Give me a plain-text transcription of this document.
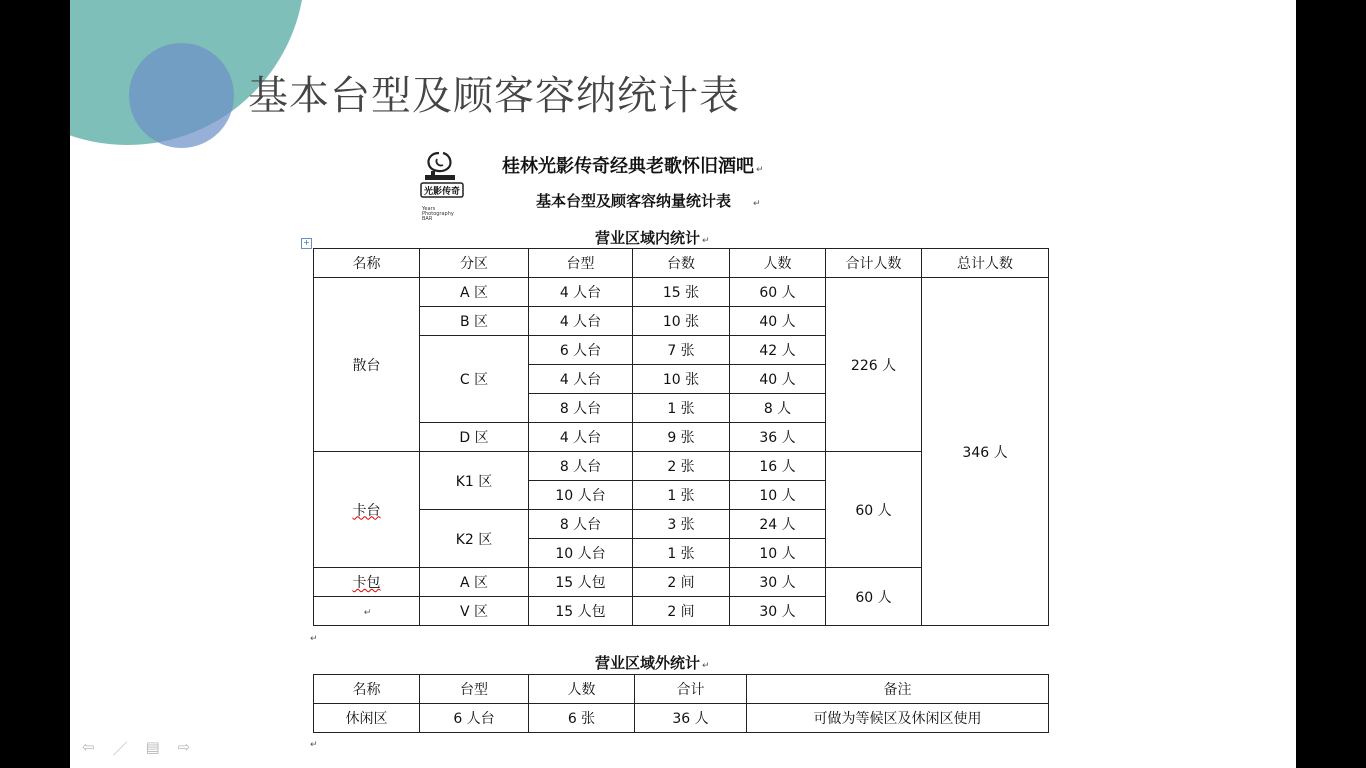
基本台型及顾客容纳统计表
光影传奇
Years
Photography
BAR
桂林光影传奇经典老歌怀旧酒吧 ↵
基本台型及顾客容纳量统计表 ↵
营业区域内统计 ↵
+
名称	分区	台型	台数	人数	合计人数	总计人数
散台	A 区	4 人台	15 张	60 人	226 人	346 人
	B 区	4 人台	10 张	40 人		
	C 区	6 人台	7 张	42 人		
		4 人台	10 张	40 人		
		8 人台	1 张	8 人		
	D 区	4 人台	9 张	36 人		
卡台	K1 区	8 人台	2 张	16 人	60 人	
		10 人台	1 张	10 人		
	K2 区	8 人台	3 张	24 人		
		10 人台	1 张	10 人		
卡包	A 区	15 人包	2 间	30 人	60 人	
↵	V 区	15 人包	2 间	30 人		
↵
营业区域外统计 ↵
名称	台型	人数	合计	备注
休闲区	6 人台	6 张	36 人	可做为等候区及休闲区使用
↵
⇦ ／ ▤ ⇨
